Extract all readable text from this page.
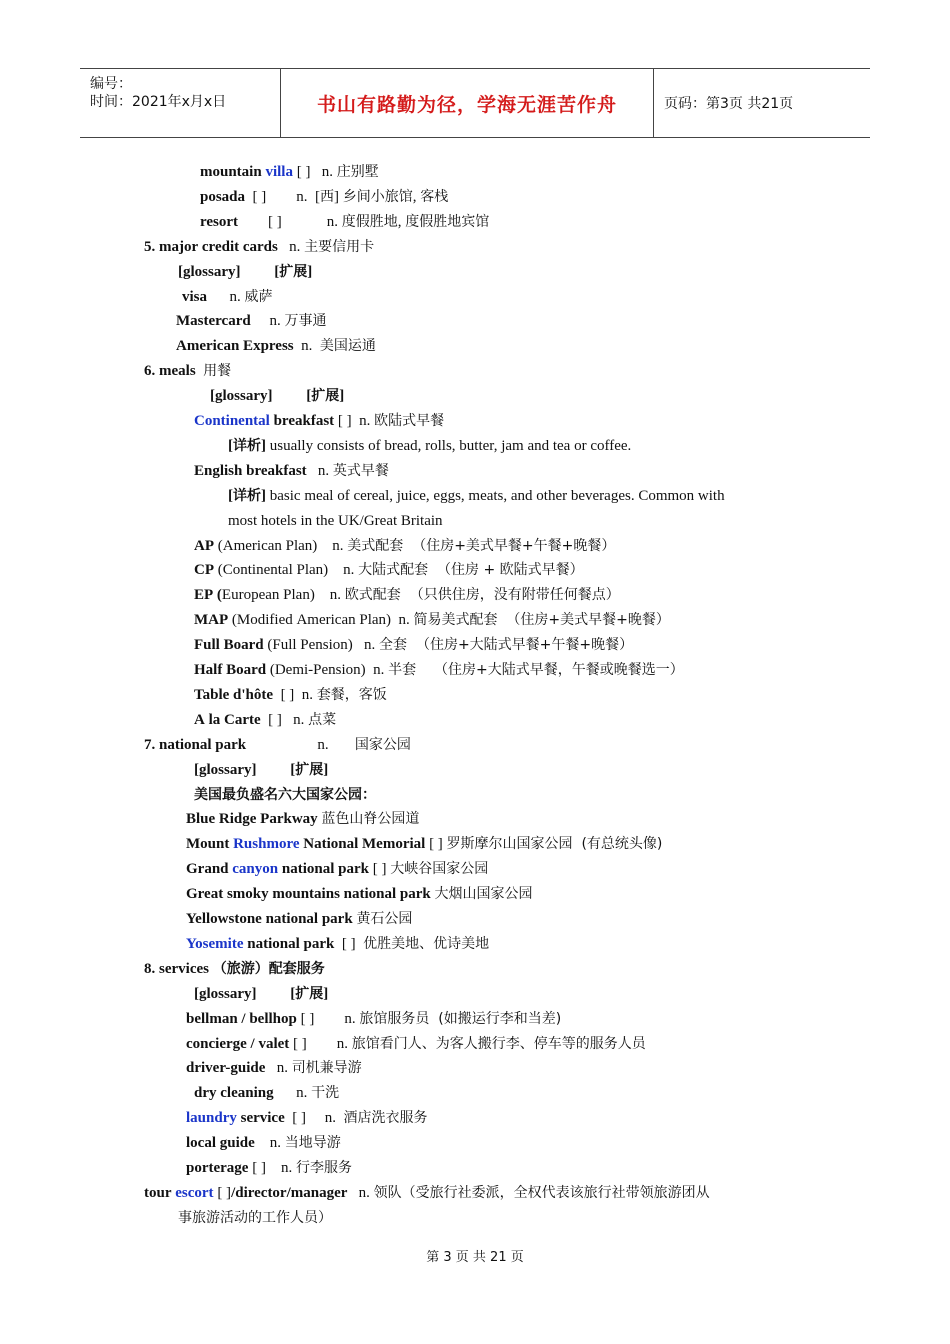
编号：
时间：2021年x月x日	书山有路勤为径，学海无涯苦作舟	页码：第3页 共21页
mountain villa [ ]   n. 庄别墅
posada  [ ]        n.  [西] 乡间小旅馆, 客栈
resort        [ ]            n. 度假胜地, 度假胜地宾馆
5. major credit cards   n. 主要信用卡
[glossary]         [扩展]
visa      n. 威萨
Mastercard     n. 万事通
American Express  n.  美国运通
6. meals 用餐
[glossary]         [扩展]
Continental breakfast [ ]  n. 欧陆式早餐
[详析] usually consists of bread, rolls, butter, jam and tea or coffee.
English breakfast   n. 英式早餐
[详析] basic meal of cereal, juice, eggs, meats, and other beverages. Common with
most hotels in the UK/Great Britain
AP (American Plan)    n. 美式配套  （住房+美式早餐+午餐+晚餐）
CP (Continental Plan)    n. 大陆式配套  （住房 + 欧陆式早餐）
EP (European Plan)    n. 欧式配套  （只供住房，没有附带任何餐点）
MAP (Modified American Plan)  n. 简易美式配套  （住房+美式早餐+晚餐）
Full Board (Full Pension)   n. 全套  （住房+大陆式早餐+午餐+晚餐）
Half Board (Demi-Pension)  n. 半套    （住房+大陆式早餐，午餐或晚餐选一）
Table d'hôte  [ ]  n. 套餐，客饭
A la Carte  [ ]   n. 点菜
7. national park                   n.       国家公园
[glossary]         [扩展]
美国最负盛名六大国家公园：
Blue Ridge Parkway 蓝色山脊公园道
Mount Rushmore National Memorial [ ] 罗斯摩尔山国家公园  (有总统头像)
Grand canyon national park [ ] 大峡谷国家公园
Great smoky mountains national park 大烟山国家公园
Yellowstone national park 黄石公园
Yosemite national park  [ ]  优胜美地、优诗美地
8. services （旅游）配套服务
[glossary]         [扩展]
bellman / bellhop [ ]        n. 旅馆服务员  (如搬运行李和当差)
concierge / valet [ ]        n. 旅馆看门人、为客人搬行李、停车等的服务人员
driver-guide   n. 司机兼导游
dry cleaning      n. 干洗
laundry service  [ ]     n.  酒店洗衣服务
local guide    n. 当地导游
porterage [ ]    n. 行李服务
tour escort [ ]/director/manager   n. 领队（受旅行社委派，全权代表该旅行社带领旅游团从
事旅游活动的工作人员）
第 3 页 共 21 页
